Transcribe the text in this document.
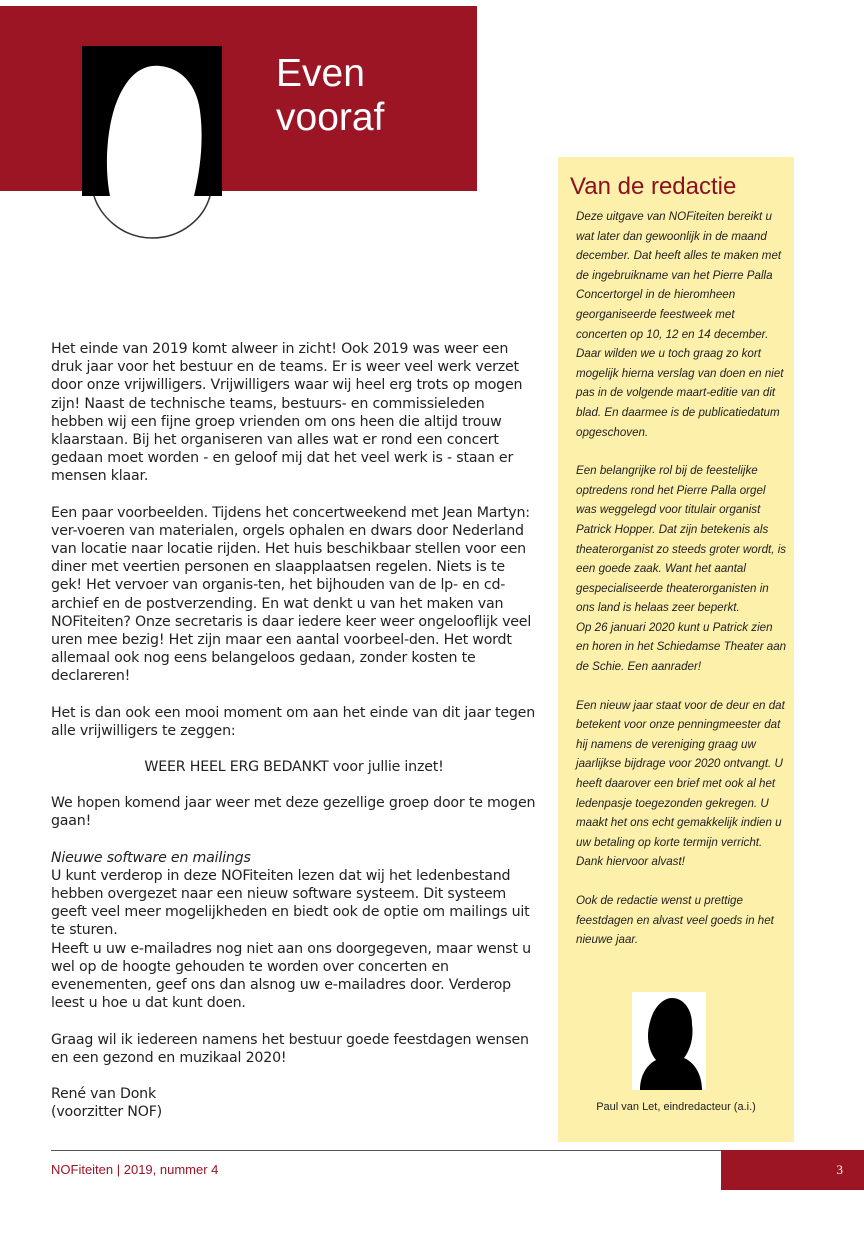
Even
vooraf

Het einde van 2019 komt alweer in zicht! Ook 2019 was weer een druk jaar voor het bestuur en de teams. Er is weer veel werk verzet door onze vrijwilligers. Vrijwilligers waar wij heel erg trots op mogen zijn! Naast de technische teams, bestuurs- en commissieleden hebben wij een fijne groep vrienden om ons heen die altijd trouw klaarstaan. Bij het organiseren van alles wat er rond een concert gedaan moet worden - en geloof mij dat het veel werk is - staan er mensen klaar.

Een paar voorbeelden. Tijdens het concertweekend met Jean Martyn: ver-voeren van materialen, orgels ophalen en dwars door Nederland van locatie naar locatie rijden. Het huis beschikbaar stellen voor een diner met veertien personen en slaapplaatsen regelen. Niets is te gek! Het vervoer van organis-ten, het bijhouden van de lp- en cd-archief en de postverzending. En wat denkt u van het maken van NOFiteiten? Onze secretaris is daar iedere keer weer ongelooflijk veel uren mee bezig! Het zijn maar een aantal voorbeel-den. Het wordt allemaal ook nog eens belangeloos gedaan, zonder kosten te declareren!

Het is dan ook een mooi moment om aan het einde van dit jaar tegen alle vrijwilligers te zeggen:

WEER HEEL ERG BEDANKT voor jullie inzet!

We hopen komend jaar weer met deze gezellige groep door te mogen gaan!

Nieuwe software en mailings
U kunt verderop in deze NOFiteiten lezen dat wij het ledenbestand hebben overgezet naar een nieuw software systeem. Dit systeem geeft veel meer mogelijkheden en biedt ook de optie om mailings uit te sturen.
Heeft u uw e-mailadres nog niet aan ons doorgegeven, maar wenst u wel op de hoogte gehouden te worden over concerten en evenementen, geef ons dan alsnog uw e-mailadres door. Verderop leest u hoe u dat kunt doen.

Graag wil ik iedereen namens het bestuur goede feestdagen wensen en een gezond en muzikaal 2020!

René van Donk
(voorzitter NOF)

Van de redactie

Deze uitgave van NOFiteiten bereikt u wat later dan gewoonlijk in de maand december. Dat heeft alles te maken met de ingebruikname van het Pierre Palla Concertorgel in de hieromheen georganiseerde feestweek met concerten op 10, 12 en 14 december. Daar wilden we u toch graag zo kort mogelijk hierna verslag van doen en niet pas in de volgende maart-editie van dit blad. En daarmee is de publicatiedatum opgeschoven.

Een belangrijke rol bij de feestelijke optredens rond het Pierre Palla orgel was weggelegd voor titulair organist Patrick Hopper. Dat zijn betekenis als theaterorganist zo steeds groter wordt, is een goede zaak. Want het aantal gespecialiseerde theaterorganisten in ons land is helaas zeer beperkt.

Op 26 januari 2020 kunt u Patrick zien en horen in het Schiedamse Theater aan de Schie. Een aanrader!

Een nieuw jaar staat voor de deur en dat betekent voor onze penningmeester dat hij namens de vereniging graag uw jaarlijkse bijdrage voor 2020 ontvangt. U heeft daarover een brief met ook al het ledenpasje toegezonden gekregen. U maakt het ons echt gemakkelijk indien u uw betaling op korte termijn verricht. Dank hiervoor alvast!

Ook de redactie wenst u prettige feestdagen en alvast veel goeds in het nieuwe jaar.

Paul van Let, eindredacteur (a.i.)
NOFiteiten | 2019, nummer 4	3
